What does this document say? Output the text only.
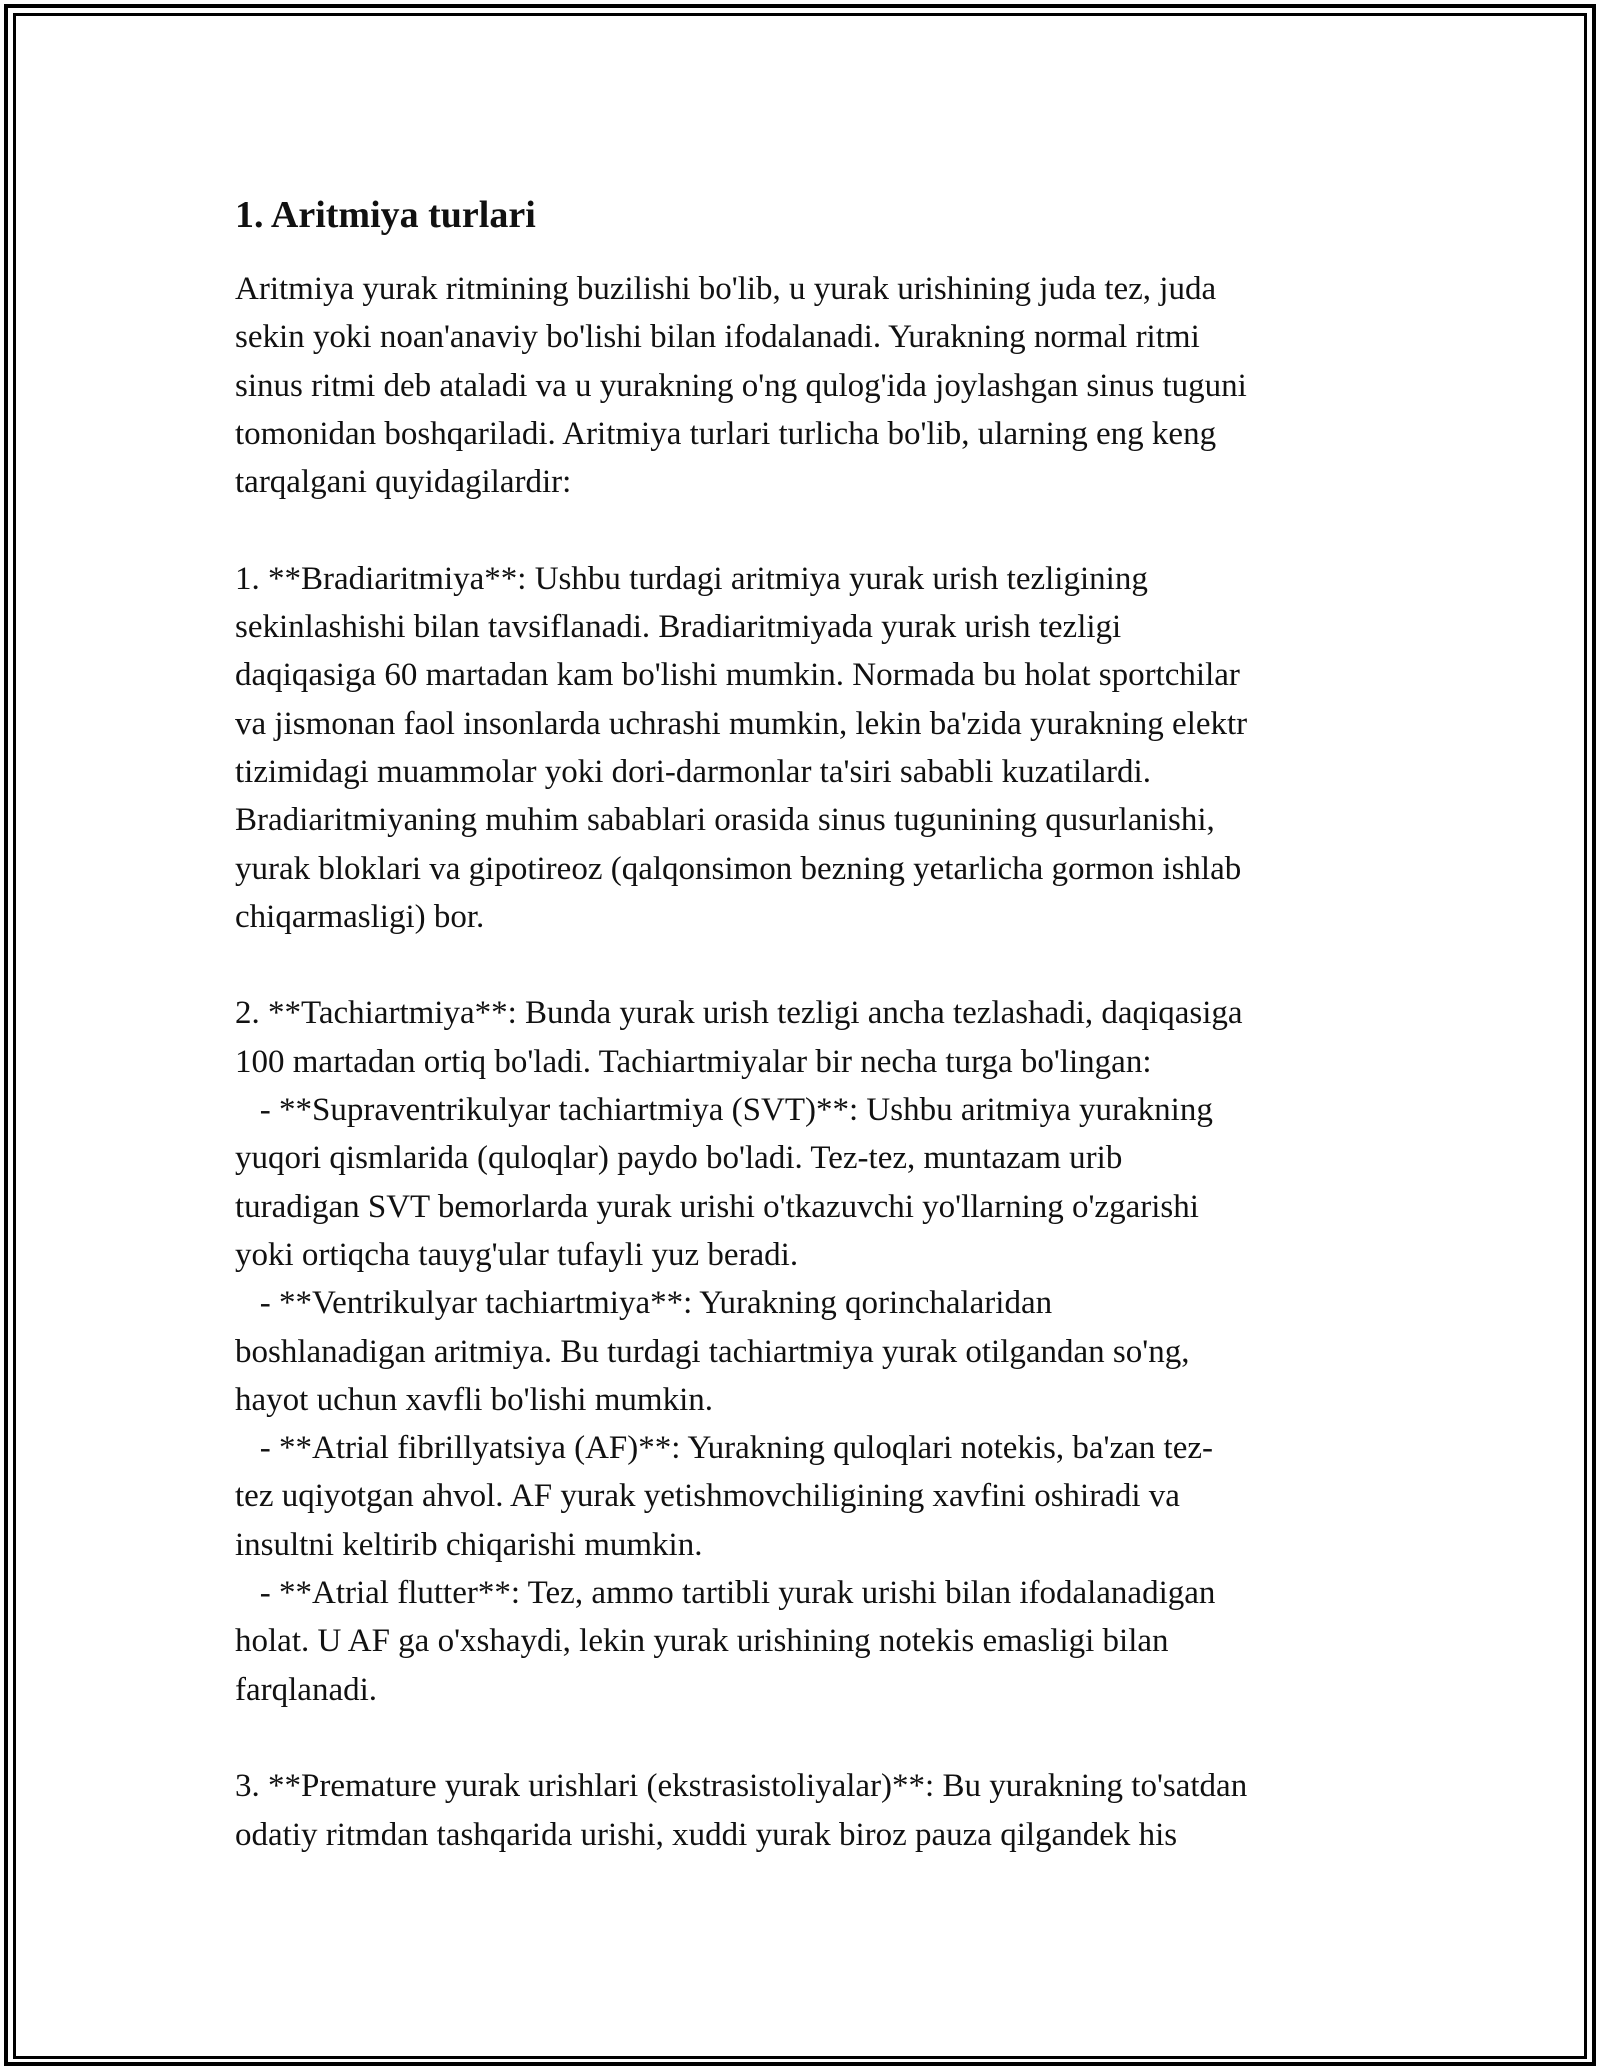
1. Aritmiya turlari
Aritmiya yurak ritmining buzilishi bo'lib, u yurak urishining juda tez, juda
sekin yoki noan'anaviy bo'lishi bilan ifodalanadi. Yurakning normal ritmi
sinus ritmi deb ataladi va u yurakning o'ng qulog'ida joylashgan sinus tuguni
tomonidan boshqariladi. Aritmiya turlari turlicha bo'lib, ularning eng keng
tarqalgani quyidagilardir:
1. **Bradiaritmiya**: Ushbu turdagi aritmiya yurak urish tezligining
sekinlashishi bilan tavsiflanadi. Bradiaritmiyada yurak urish tezligi
daqiqasiga 60 martadan kam bo'lishi mumkin. Normada bu holat sportchilar
va jismonan faol insonlarda uchrashi mumkin, lekin ba'zida yurakning elektr
tizimidagi muammolar yoki dori-darmonlar ta'siri sababli kuzatilardi.
Bradiaritmiyaning muhim sabablari orasida sinus tugunining qusurlanishi,
yurak bloklari va gipotireoz (qalqonsimon bezning yetarlicha gormon ishlab
chiqarmasligi) bor.
2. **Tachiartmiya**: Bunda yurak urish tezligi ancha tezlashadi, daqiqasiga
100 martadan ortiq bo'ladi. Tachiartmiyalar bir necha turga bo'lingan:
- **Supraventrikulyar tachiartmiya (SVT)**: Ushbu aritmiya yurakning
yuqori qismlarida (quloqlar) paydo bo'ladi. Tez-tez, muntazam urib
turadigan SVT bemorlarda yurak urishi o'tkazuvchi yo'llarning o'zgarishi
yoki ortiqcha tauyg'ular tufayli yuz beradi.
- **Ventrikulyar tachiartmiya**: Yurakning qorinchalaridan
boshlanadigan aritmiya. Bu turdagi tachiartmiya yurak otilgandan so'ng,
hayot uchun xavfli bo'lishi mumkin.
- **Atrial fibrillyatsiya (AF)**: Yurakning quloqlari notekis, ba'zan tez-
tez uqiyotgan ahvol. AF yurak yetishmovchiligining xavfini oshiradi va
insultni keltirib chiqarishi mumkin.
- **Atrial flutter**: Tez, ammo tartibli yurak urishi bilan ifodalanadigan
holat. U AF ga o'xshaydi, lekin yurak urishining notekis emasligi bilan
farqlanadi.
3. **Premature yurak urishlari (ekstrasistoliyalar)**: Bu yurakning to'satdan
odatiy ritmdan tashqarida urishi, xuddi yurak biroz pauza qilgandek his
